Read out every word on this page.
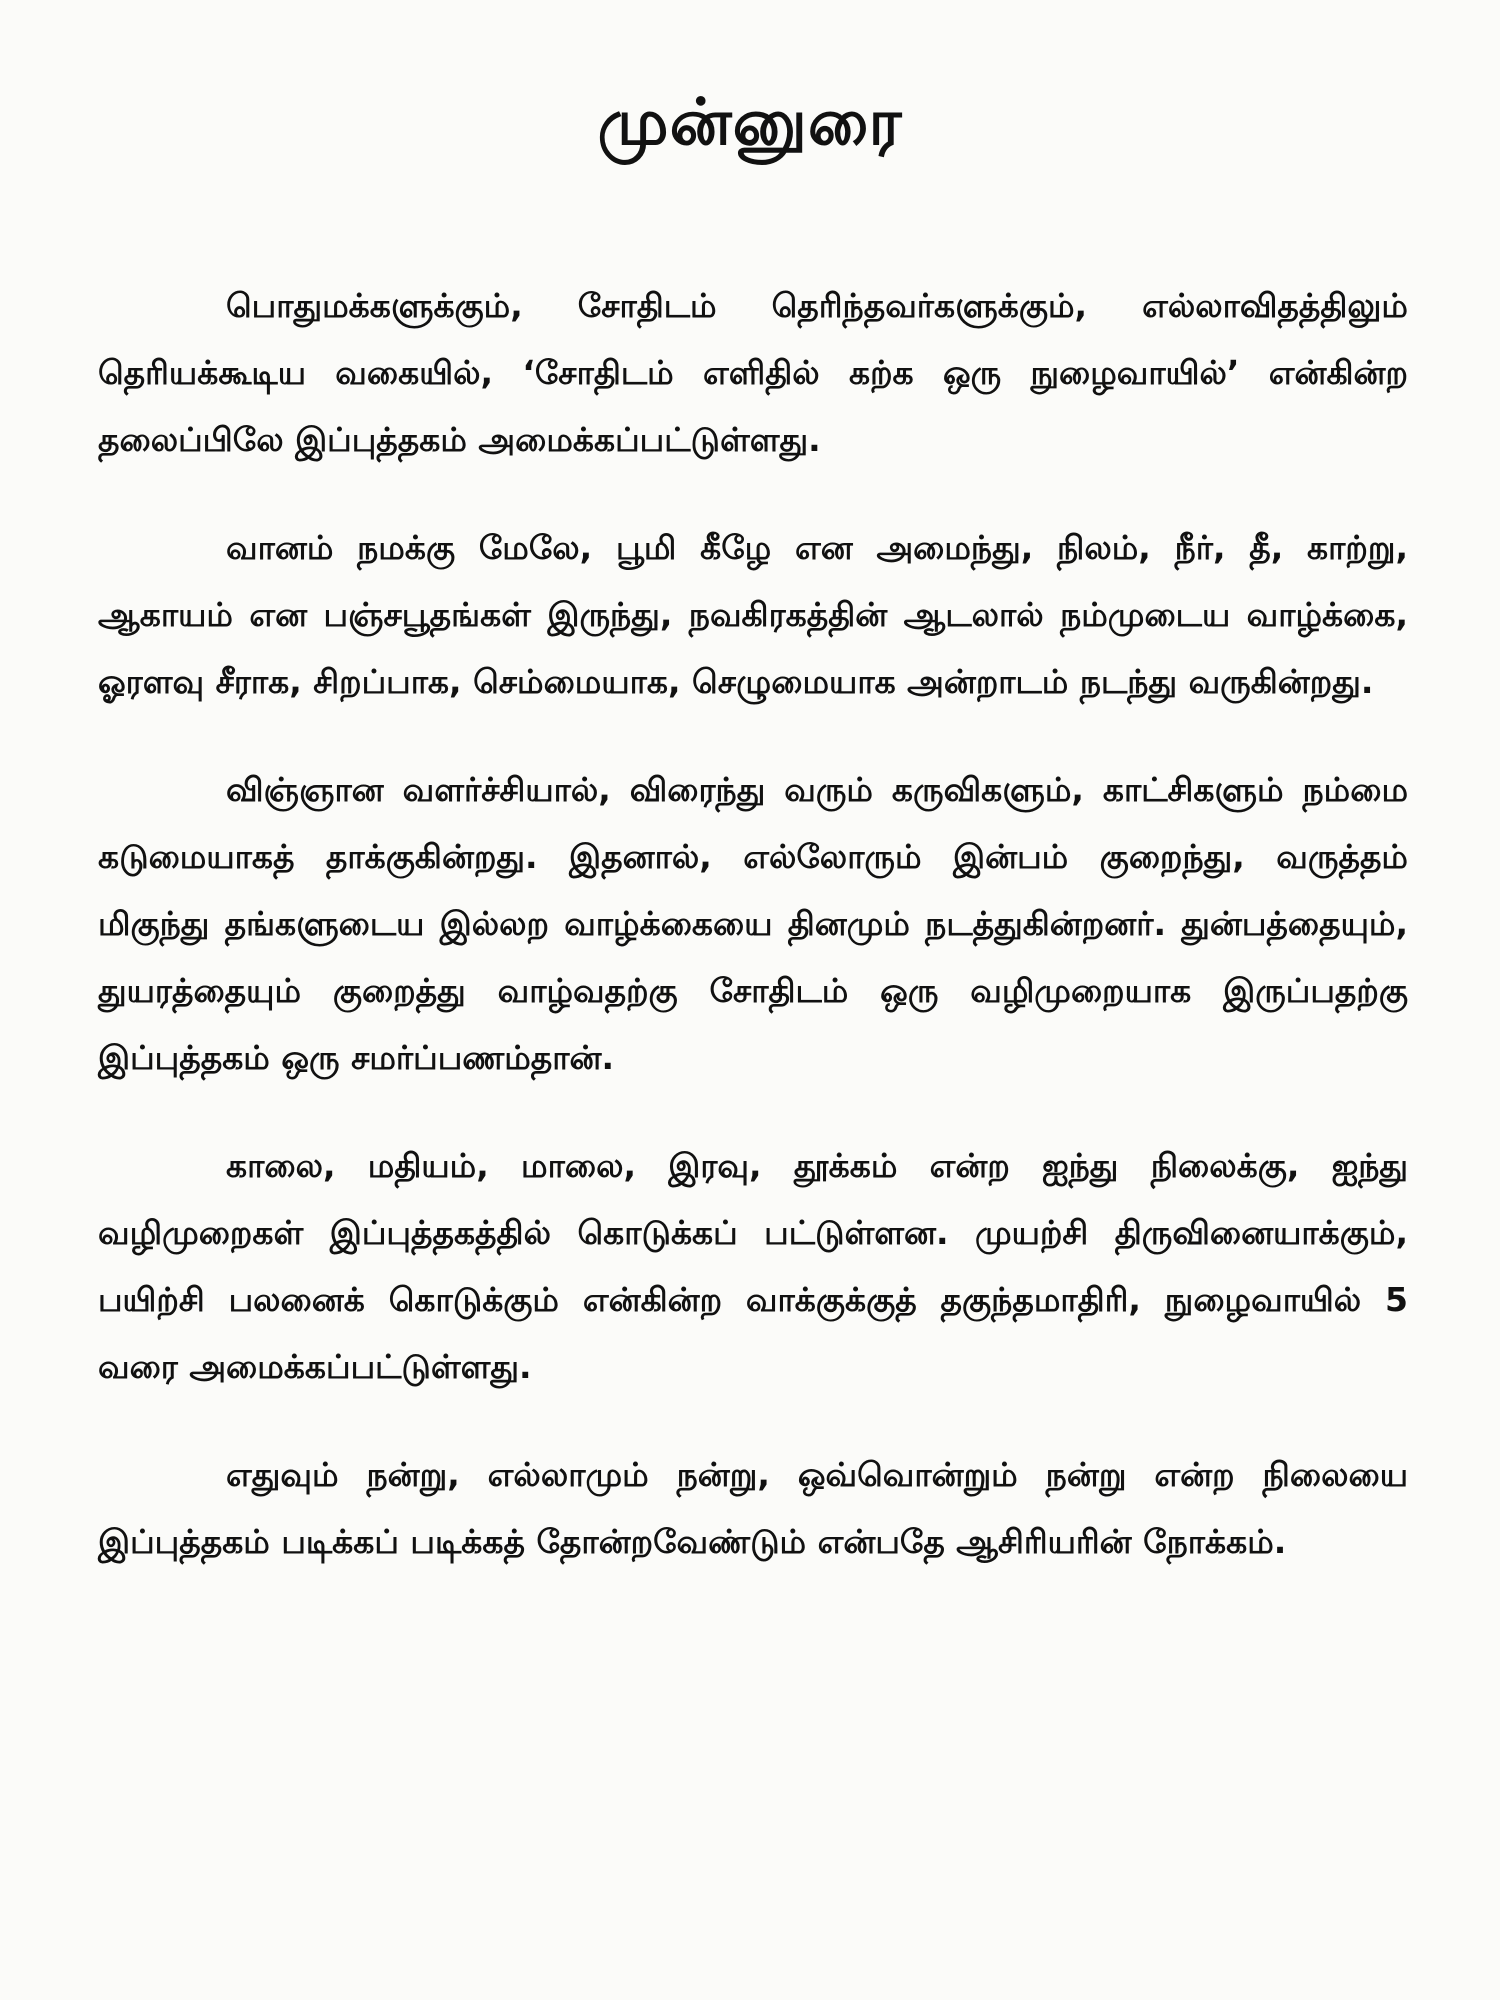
முன்னுரை

பொதுமக்களுக்கும், சோதிடம் தெரிந்தவர்களுக்கும், எல்லாவிதத்திலும் தெரியக்கூடிய வகையில், ‘சோதிடம் எளிதில் கற்க ஒரு நுழைவாயில்’ என்கின்ற தலைப்பிலே இப்புத்தகம் அமைக்கப்பட்டுள்ளது.

வானம் நமக்கு மேலே, பூமி கீழே என அமைந்து, நிலம், நீர், தீ, காற்று, ஆகாயம் என பஞ்சபூதங்கள் இருந்து, நவகிரகத்தின் ஆடலால் நம்முடைய வாழ்க்கை, ஓரளவு சீராக, சிறப்பாக, செம்மையாக, செழுமையாக அன்றாடம் நடந்து வருகின்றது.

விஞ்ஞான வளர்ச்சியால், விரைந்து வரும் கருவிகளும், காட்சிகளும் நம்மை கடுமையாகத் தாக்குகின்றது. இதனால், எல்லோரும் இன்பம் குறைந்து, வருத்தம் மிகுந்து தங்களுடைய இல்லற வாழ்க்கையை தினமும் நடத்துகின்றனர். துன்பத்தையும், துயரத்தையும் குறைத்து வாழ்வதற்கு சோதிடம் ஒரு வழிமுறையாக இருப்பதற்கு இப்புத்தகம் ஒரு சமர்ப்பணம்தான்.

காலை, மதியம், மாலை, இரவு, தூக்கம் என்ற ஐந்து நிலைக்கு, ஐந்து வழிமுறைகள் இப்புத்தகத்தில் கொடுக்கப் பட்டுள்ளன. முயற்சி திருவினையாக்கும், பயிற்சி பலனைக் கொடுக்கும் என்கின்ற வாக்குக்குத் தகுந்தமாதிரி, நுழைவாயில் 5 வரை அமைக்கப்பட்டுள்ளது.

எதுவும் நன்று, எல்லாமும் நன்று, ஒவ்வொன்றும் நன்று என்ற நிலையை இப்புத்தகம் படிக்கப் படிக்கத் தோன்றவேண்டும் என்பதே ஆசிரியரின் நோக்கம்.
